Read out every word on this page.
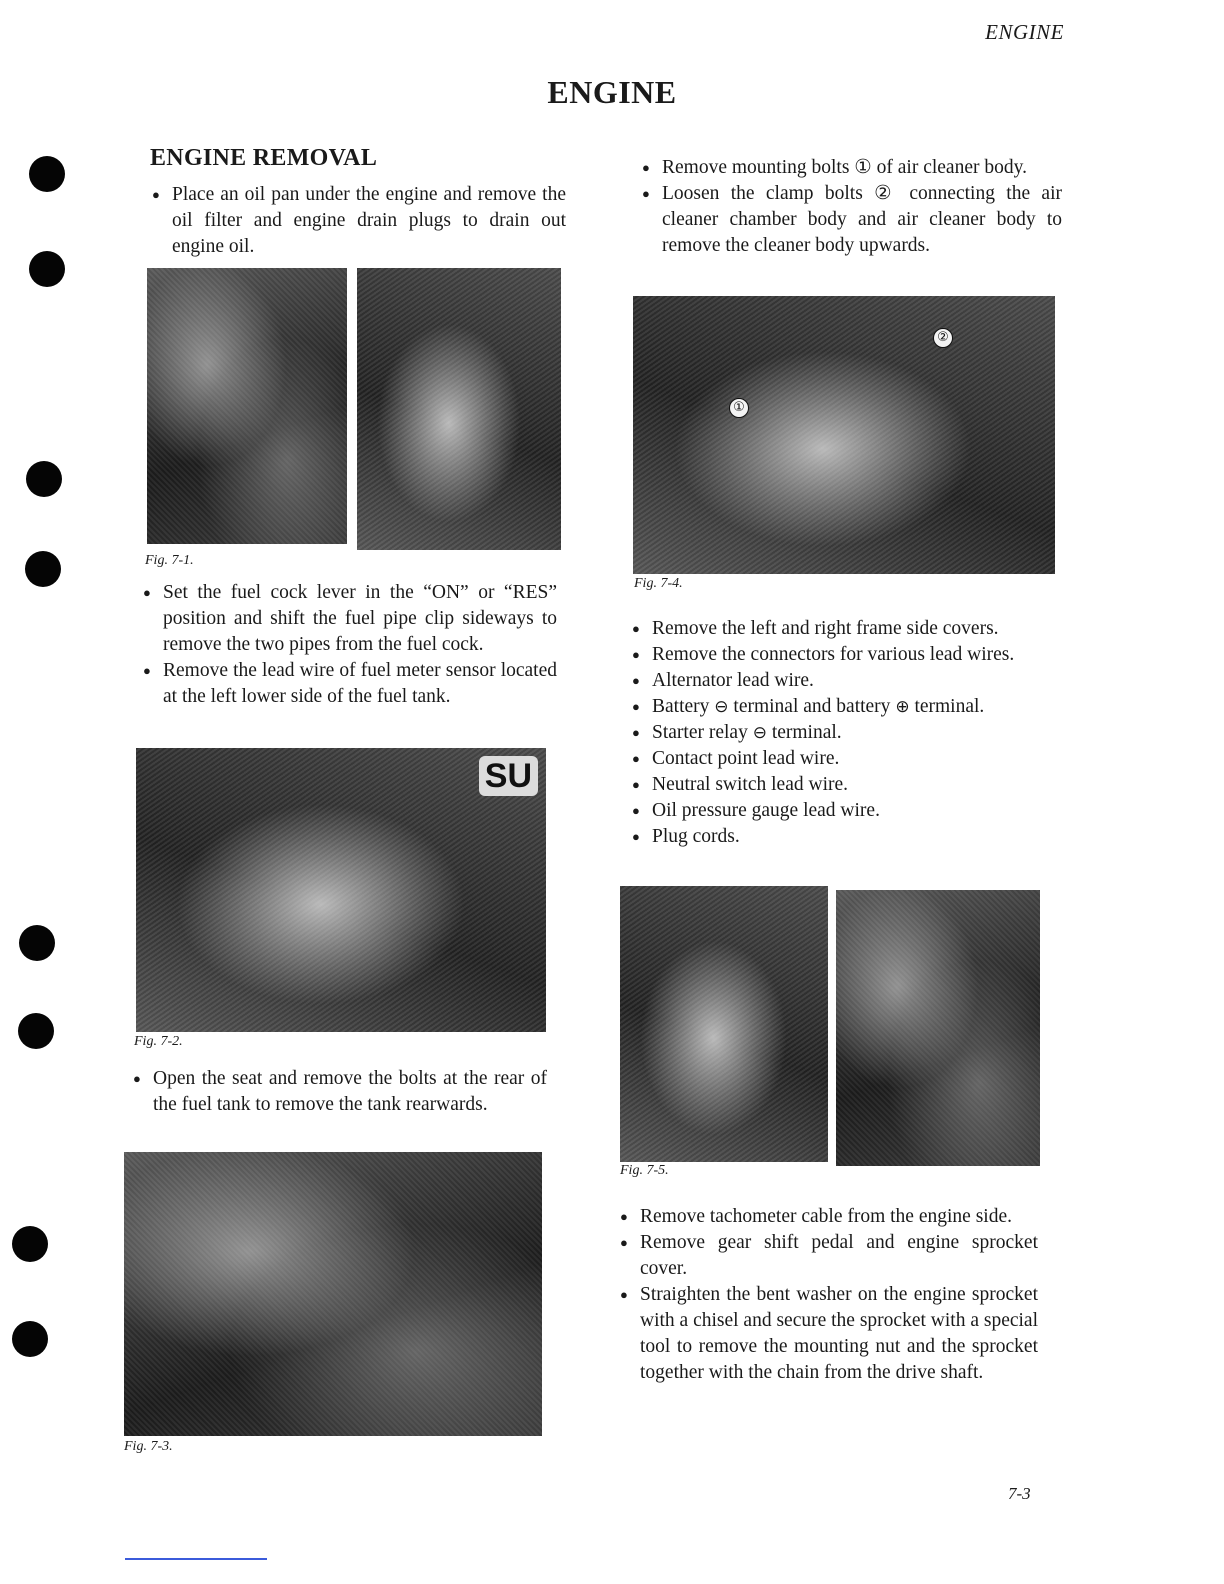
ENGINE
ENGINE
ENGINE REMOVAL
● Place an oil pan under the engine and remove the oil filter and engine drain plugs to drain out engine oil.
Fig. 7-1.
● Set the fuel cock lever in the “ON” or “RES” position and shift the fuel pipe clip sideways to remove the two pipes from the fuel cock.
● Remove the lead wire of fuel meter sensor located at the left lower side of the fuel tank.
SU
Fig. 7-2.
● Open the seat and remove the bolts at the rear of the fuel tank to remove the tank rearwards.
Fig. 7-3.
● Remove mounting bolts ① of air cleaner body.
● Loosen the clamp bolts ② connecting the air cleaner chamber body and air cleaner body to remove the cleaner body upwards.
①
②
Fig. 7-4.
● Remove the left and right frame side covers.
● Remove the connectors for various lead wires.
● Alternator lead wire.
● Battery ⊖ terminal and battery ⊕ terminal.
● Starter relay ⊖ terminal.
● Contact point lead wire.
● Neutral switch lead wire.
● Oil pressure gauge lead wire.
● Plug cords.
Fig. 7-5.
● Remove tachometer cable from the engine side.
● Remove gear shift pedal and engine sprocket cover.
● Straighten the bent washer on the engine sprocket with a chisel and secure the sprocket with a special tool to remove the mounting nut and the sprocket together with the chain from the drive shaft.
7-3
